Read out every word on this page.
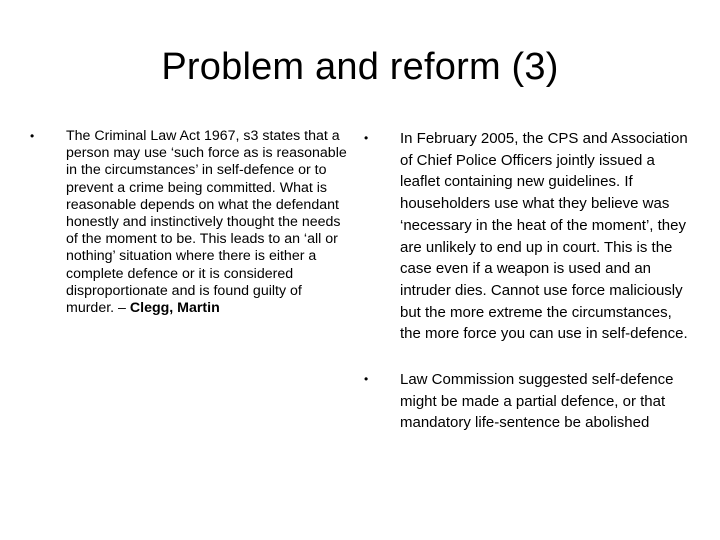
Problem and reform (3)
•	The Criminal Law Act 1967, s3 states that a person may use ‘such force as is reasonable in the circumstances’ in self-defence or to prevent a crime being committed. What is reasonable depends on what the defendant honestly and instinctively thought the needs of the moment to be. This leads to an ‘all or nothing’ situation where there is either a complete defence or it is considered disproportionate and is found guilty of murder. – Clegg, Martin
•	In February 2005, the CPS and Association of Chief Police Officers jointly issued a leaflet containing new guidelines. If householders use what they believe was ‘necessary in the heat of the moment’, they are unlikely to end up in court. This is the case even if a weapon is used and an intruder dies. Cannot use force maliciously but the more extreme the circumstances, the more force you can use in self-defence.
•	Law Commission suggested self-defence might be made a partial defence, or that mandatory life-sentence be abolished
